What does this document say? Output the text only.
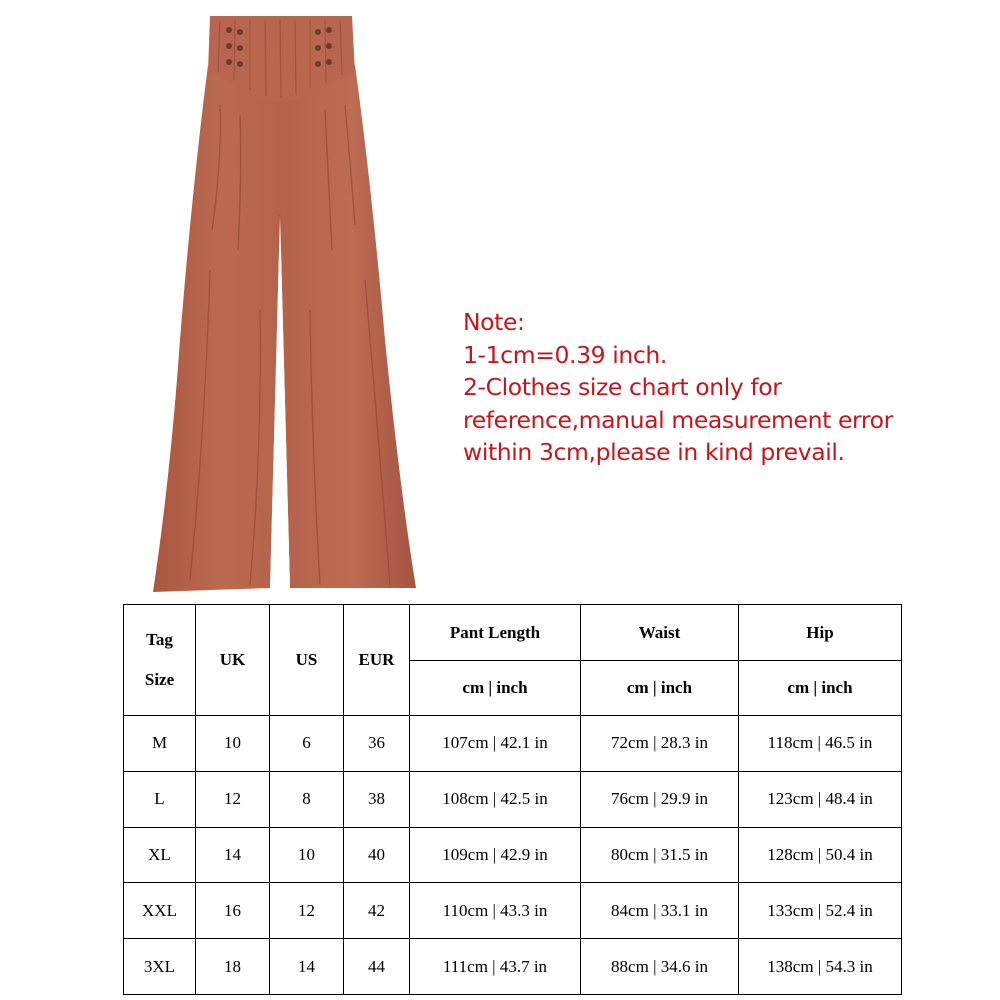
Note:
1-1cm=0.39 inch.
2-Clothes size chart only for
reference,manual measurement error
within 3cm,please in kind prevail.
Tag
Size	UK	US	EUR	Pant Length	Waist	Hip
				cm | inch	cm | inch	cm | inch
M	10	6	36	107cm | 42.1 in	72cm | 28.3 in	118cm | 46.5 in
L	12	8	38	108cm | 42.5 in	76cm | 29.9 in	123cm | 48.4 in
XL	14	10	40	109cm | 42.9 in	80cm | 31.5 in	128cm | 50.4 in
XXL	16	12	42	110cm | 43.3 in	84cm | 33.1 in	133cm | 52.4 in
3XL	18	14	44	111cm | 43.7 in	88cm | 34.6 in	138cm | 54.3 in
